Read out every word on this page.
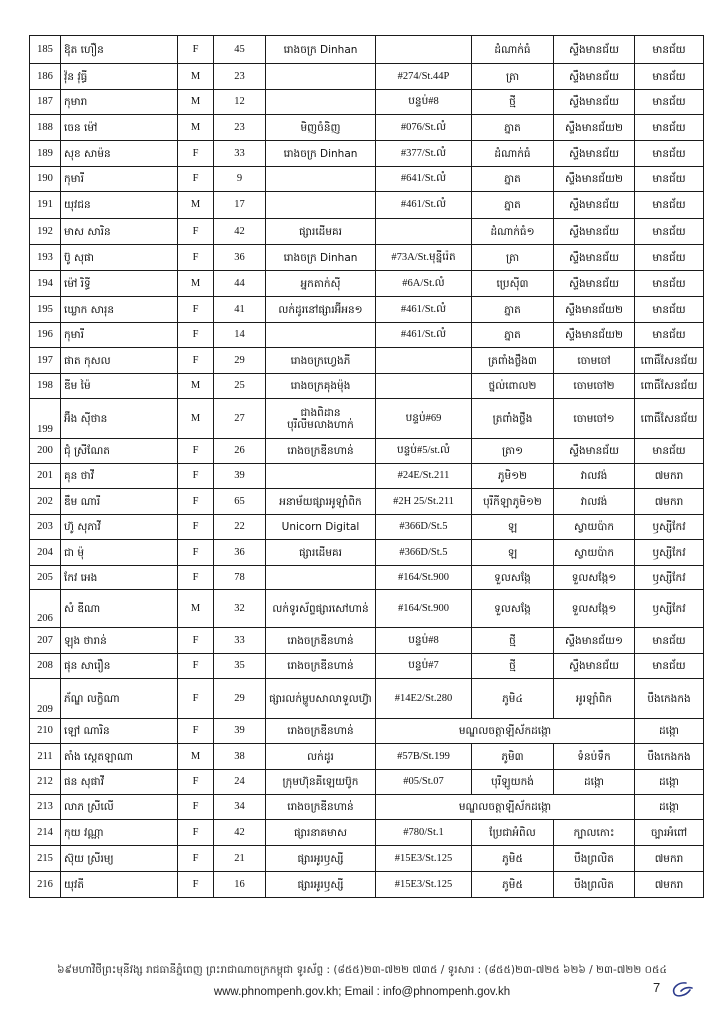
185	ឱុត ហឿន	F	45	រោងចក្រ Dinhan		ដំណាក់ធំ	ស្ទឹងមានជ័យ	មានជ័យ
186	វ៉ុន វុធ្ធី	M	23		#274/St.44P	ត្រា	ស្ទឹងមានជ័យ	មានជ័យ
187	កុមារា	M	12		បន្ទប់#8	ថ្មី	ស្ទឹងមានជ័យ	មានជ័យ
188	ចេន ម៉ៅ	M	23	មិញចំនិញ	#076/St.លំ	ភ្នាត	ស្ទឹងមានជ័យ២	មានជ័យ
189	សុខ សាម៉ន	F	33	រោងចក្រ Dinhan	#377/St.លំ	ដំណាក់ធំ	ស្ទឹងមានជ័យ	មានជ័យ
190	កុមារី	F	9		#641/St.លំ	ភ្នាត	ស្ទឹងមានជ័យ២	មានជ័យ
191	យុវជន	M	17		#461/St.លំ	ភ្នាត	ស្ទឹងមានជ័យ	មានជ័យ
192	មាស សារិន	F	42	ផ្សារដើមគរ		ដំណាក់ធំ១	ស្ទឹងមានជ័យ	មានជ័យ
193	ប៊ូ សុផា	F	36	រោងចក្រ Dinhan	#73A/St.មុន្នីរ៉េត	ត្រា	ស្ទឹងមានជ័យ	មានជ័យ
194	ម៉ៅ រិទ្ធី	M	44	អ្នកតាក់ស៊ី	#6A/St.លំ	ប្រេស៊ី៣	ស្ទឹងមានជ័យ	មានជ័យ
195	ឃ្លោក សារុន	F	41	លក់ដូរនៅផ្សារអ៊ីអន១	#461/St.លំ	ភ្នាត	ស្ទឹងមានជ័យ២	មានជ័យ
196	កុមារី	F	14		#461/St.លំ	ភ្នាត	ស្ទឹងមានជ័យ២	មានជ័យ
197	ផាត កុសល	F	29	រោងចក្រហ្វេងភី		ត្រពាំងថ្លឹង៣	ចោមចៅ	ពោធិ៍សែនជ័យ
198	ឌីម ម៉ៃ	M	25	រោងចក្រគុងម៉ុង		ថ្នល់ពោល២	ចោមចៅ២	ពោធិ៍សែនជ័យ
199	អ៊ឹង ស៊ីថាន	M	27	ជាងពិដាន
បុរីលីមលាងហាក់	បន្ទប់#69	ត្រពាំងថ្លឹង	ចោមចៅ១	ពោធិ៍សែនជ័យ
200	ជុំ ស្រីណែត	F	26	រោងចក្រឌីនហាន់	បន្ទប់#5/st.លំ	ត្រា១	ស្ទឹងមានជ័យ	មានជ័យ
201	គុន ថាវី	F	39		#24E/St.211	ភូមិ១២	វាលវង់	៧មករា
202	ឌឹម ណារី	F	65	អនាម័យផ្សារអូឡាំពិក	#2H 25/St.211	បុរីកីឡាភូមិ១២	វាលវង់	៧មករា
203	ហ៊ូ សុភាវី	F	22	Unicorn Digital	#366D/St.5	ឡ	ស្វាយប៉ាក	ឫស្សីកែវ
204	ជា ម៉ុ	F	36	ផ្សារដើមគរ	#366D/St.5	ឡ	ស្វាយប៉ាក	ឫស្សីកែវ
205	កែវ អេង	F	78		#164/St.900	ទួលសង្កែ	ទួលសង្កែ១	ឫស្សីកែវ
206	សំ ឌីណា	M	32	លក់ទូរស័ព្ទផ្សារសៅហាន់	#164/St.900	ទួលសង្កែ	ទួលសង្កែ១	ឫស្សីកែវ
207	ឡុង ថារាន់	F	33	រោងចក្រឌីនហាន់	បន្ទប់#8	ថ្មី	ស្ទឹងមានជ័យ១	មានជ័យ
208	ផុន សារឿន	F	35	រោងចក្រឌីនហាន់	បន្ទប់#7	ថ្មី	ស្ទឹងមានជ័យ	មានជ័យ
209	ភ័ណ្ឌ លក្ខិណា	F	29	ផ្សារលក់ម្ហូបសាលាទួលហ៊្វា	#14E2/St.280	ភូមិ៤	អូរឡាំពិក	បឹងកេងកង
210	ឡៅ ណារិន	F	39	រោងចក្រឌីនហាន់	មណ្ឌលចត្តាឡីស័កដង្កោ			ដង្កោ
211	តាំង ស្តេតឡាណា	M	38	លក់ដូរ	#57B/St.199	ភូមិ៣	ទំនប់ទឹក	បឹងកេងកង
212	ផន សុផាវី	F	24	ក្រុមហ៊ុនគីឡេយប៊ូក	#05/St.07	បុរីឡូយកង់	ដង្កោ	ដង្កោ
213	លាភ ស្រីលើ	F	34	រោងចក្រឌីនហាន់	មណ្ឌលចត្តាឡីស័កដង្កោ			ដង្កោ
214	កុយ វណ្ណា	F	42	ផ្សារនាគមាស	#780/St.1	ប្រែជាអំពិល	ក្បាលកោះ	ច្បារអំពៅ
215	ស៊ុយ ស្រីរម្យ	F	21	ផ្សារអូរឫស្សី	#15E3/St.125	ភូមិ៥	បឹងព្រលិត	៧មករា
216	យុវតី	F	16	ផ្សារអូរឫស្សី	#15E3/St.125	ភូមិ៥	បឹងព្រលិត	៧មករា
៦៩មហាវិថីព្រះមុនីវង្ស រាជធានីភ្នំពេញ ព្រះរាជាណាចក្រកម្ពុជា ទូរស័ព្ទ : (៨៥៥)២៣-៧២២ ៧៣៥ / ទូរសារ : (៨៥៥)២៣-៧២៥ ៦២៦ / ២៣-៧២២ ០៥៤
www.phnompenh.gov.kh; Email : info@phnompenh.gov.kh	7
